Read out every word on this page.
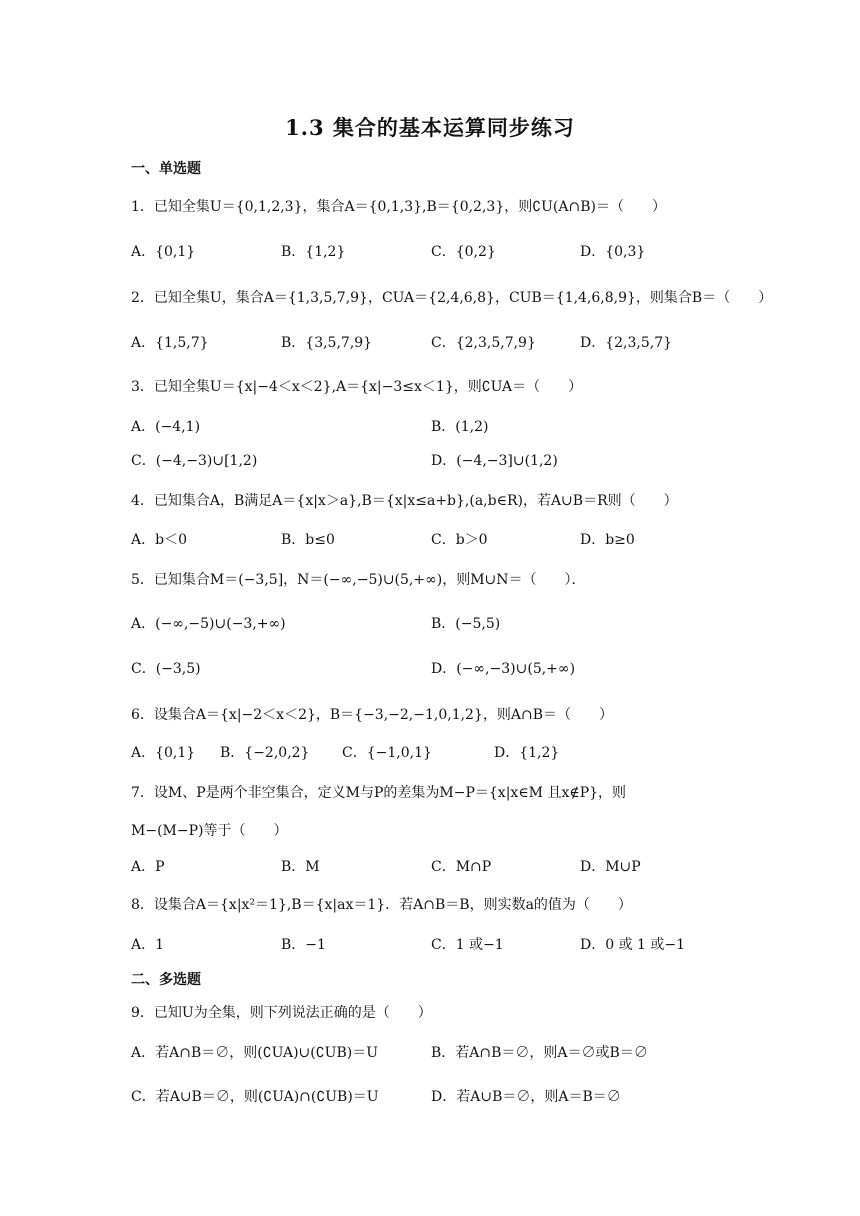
1.3 集合的基本运算同步练习
一、单选题
1．已知全集U＝{0,1,2,3}，集合A＝{0,1,3},B＝{0,2,3}，则∁U(A∩B)＝（　　）
A．{0,1}	B．{1,2}	C．{0,2}	D．{0,3}
2．已知全集U，集合A＝{1,3,5,7,9}，CUA＝{2,4,6,8}，CUB＝{1,4,6,8,9}，则集合B＝（　　）
A．{1,5,7}	B．{3,5,7,9}	C．{2,3,5,7,9}	D．{2,3,5,7}
3．已知全集U＝{x|−4＜x＜2},A＝{x|−3≤x＜1}，则∁UA＝（　　）
A．(−4,1)	B．(1,2)
C．(−4,−3)∪[1,2)	D．(−4,−3]∪(1,2)
4．已知集合A，B满足A＝{x|x＞a},B＝{x|x≤a+b},(a,b∈R)，若A∪B＝R则（　　）
A．b＜0	B．b≤0	C．b＞0	D．b≥0
5．已知集合M＝(−3,5]，N＝(−∞,−5)∪(5,+∞)，则M∪N＝（　　）．
A．(−∞,−5)∪(−3,+∞)	B．(−5,5)
C．(−3,5)	D．(−∞,−3)∪(5,+∞)
6．设集合A＝{x|−2＜x＜2}，B＝{−3,−2,−1,0,1,2}，则A∩B＝（　　）
A．{0,1} B．{−2,0,2} C．{−1,0,1}	D．{1,2}
7．设M、P是两个非空集合，定义M与P的差集为M−P＝{x|x∈M 且x∉P}，则
M−(M−P)等于（　　）
A．P	B．M	C．M∩P	D．M∪P
8．设集合A＝{x|x²＝1},B＝{x|ax＝1}．若A∩B＝B，则实数a的值为（　　）
A．1	B．−1	C．1 或−1	D．0 或 1 或−1
二、多选题
9．已知U为全集，则下列说法正确的是（　　）
A．若A∩B＝∅，则(∁UA)∪(∁UB)＝U	B．若A∩B＝∅，则A＝∅或B＝∅
C．若A∪B＝∅，则(∁UA)∩(∁UB)＝U	D．若A∪B＝∅，则A＝B＝∅
